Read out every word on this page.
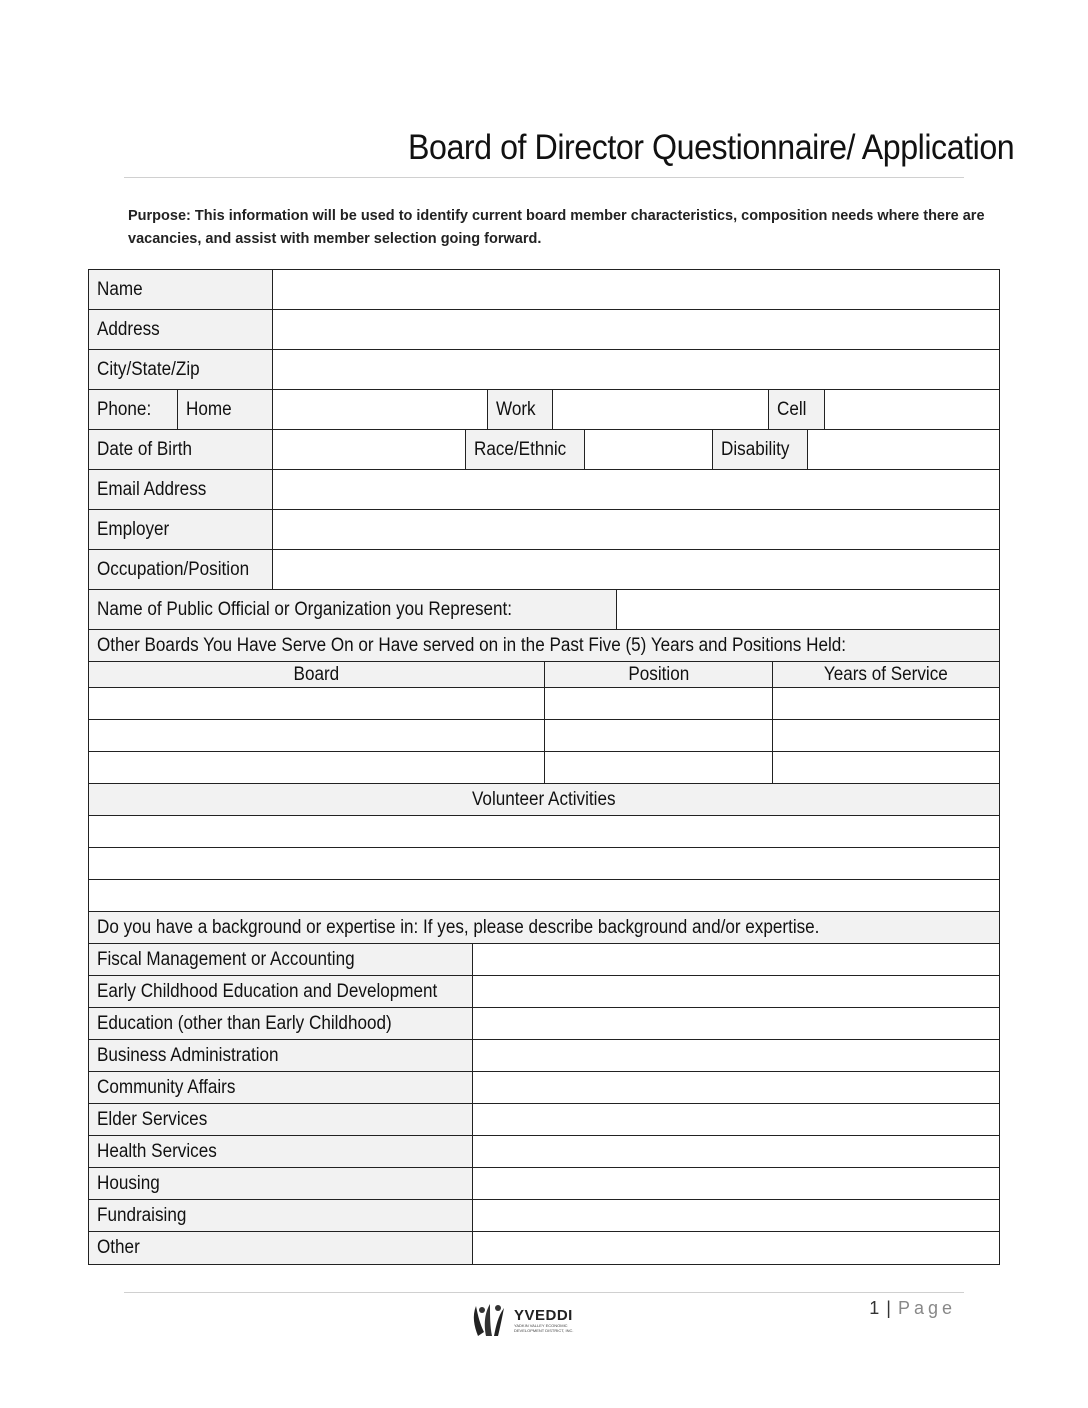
Board of Director Questionnaire/ Application
Purpose: This information will be used to identify current board member characteristics, composition needs where there are vacancies, and assist with member selection going forward.
Name
Address
City/State/Zip
Phone: Home	Work	Cell
Date of Birth	Race/Ethnic	Disability
Email Address
Employer
Occupation/Position
Name of Public Official or Organization you Represent:
Other Boards You Have Serve On or Have served on in the Past Five (5) Years and Positions Held:
Board	Position	Years of Service
Volunteer Activities
Do you have a background or expertise in: If yes, please describe background and/or expertise.
Fiscal Management or Accounting
Early Childhood Education and Development
Education (other than Early Childhood)
Business Administration
Community Affairs
Elder Services
Health Services
Housing
Fundraising
Other
1 | Page
YVEDDI
YADKIN VALLEY ECONOMIC DEVELOPMENT DISTRICT, INC.
